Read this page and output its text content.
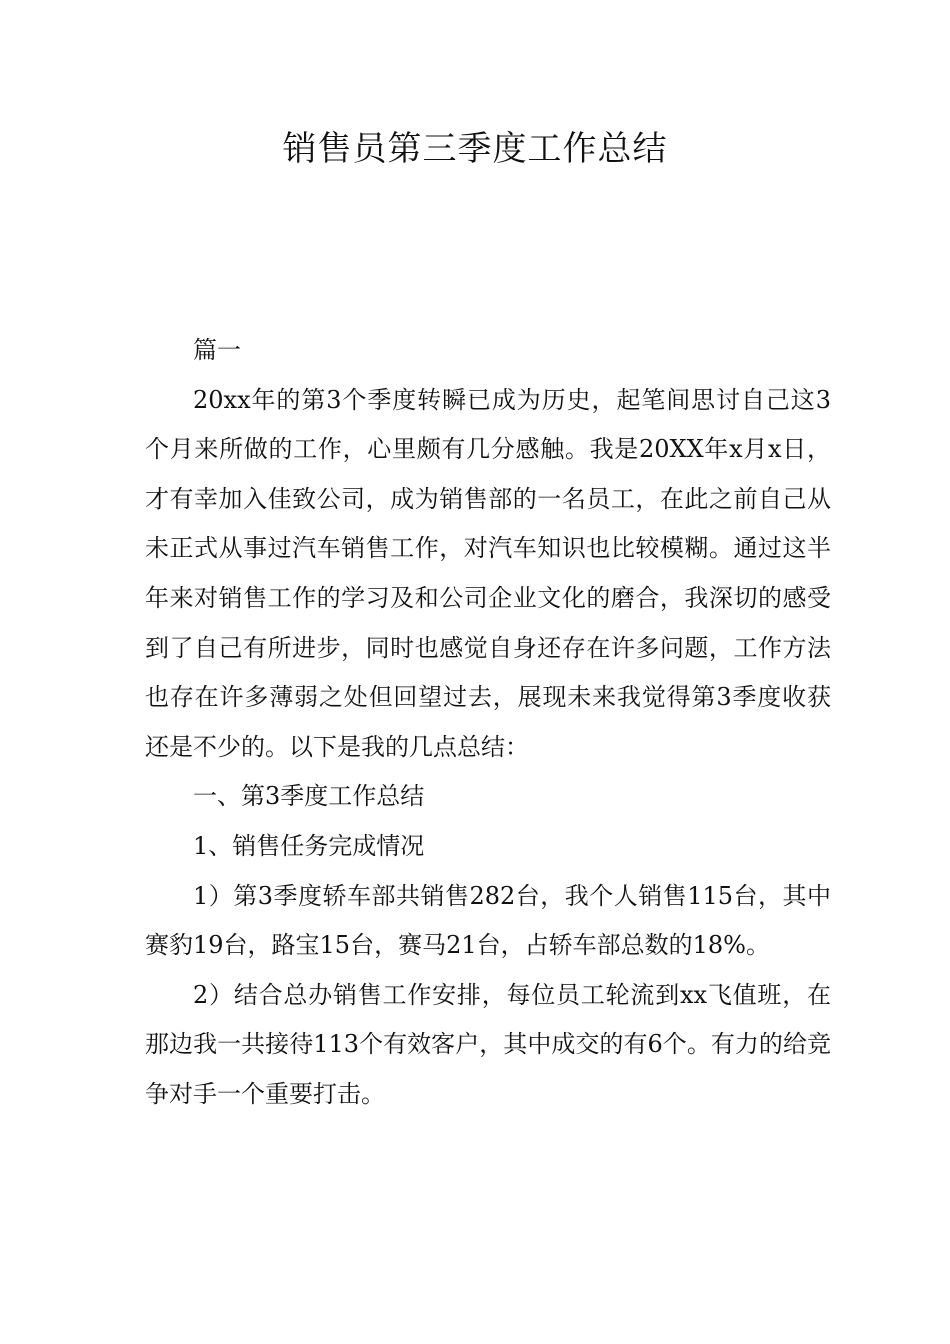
销售员第三季度工作总结

篇一

20xx年的第3个季度转瞬已成为历史，起笔间思讨自己这3个月来所做的工作，心里颇有几分感触。我是20XX年x月x日，才有幸加入佳致公司，成为销售部的一名员工，在此之前自己从未正式从事过汽车销售工作，对汽车知识也比较模糊。通过这半年来对销售工作的学习及和公司企业文化的磨合，我深切的感受到了自己有所进步，同时也感觉自身还存在许多问题，工作方法也存在许多薄弱之处但回望过去，展现未来我觉得第3季度收获还是不少的。以下是我的几点总结：

一、第3季度工作总结

1、销售任务完成情况

1）第3季度轿车部共销售282台，我个人销售115台，其中赛豹19台，路宝15台，赛马21台，占轿车部总数的18%。

2）结合总办销售工作安排，每位员工轮流到xx飞值班，在那边我一共接待113个有效客户，其中成交的有6个。有力的给竞争对手一个重要打击。
